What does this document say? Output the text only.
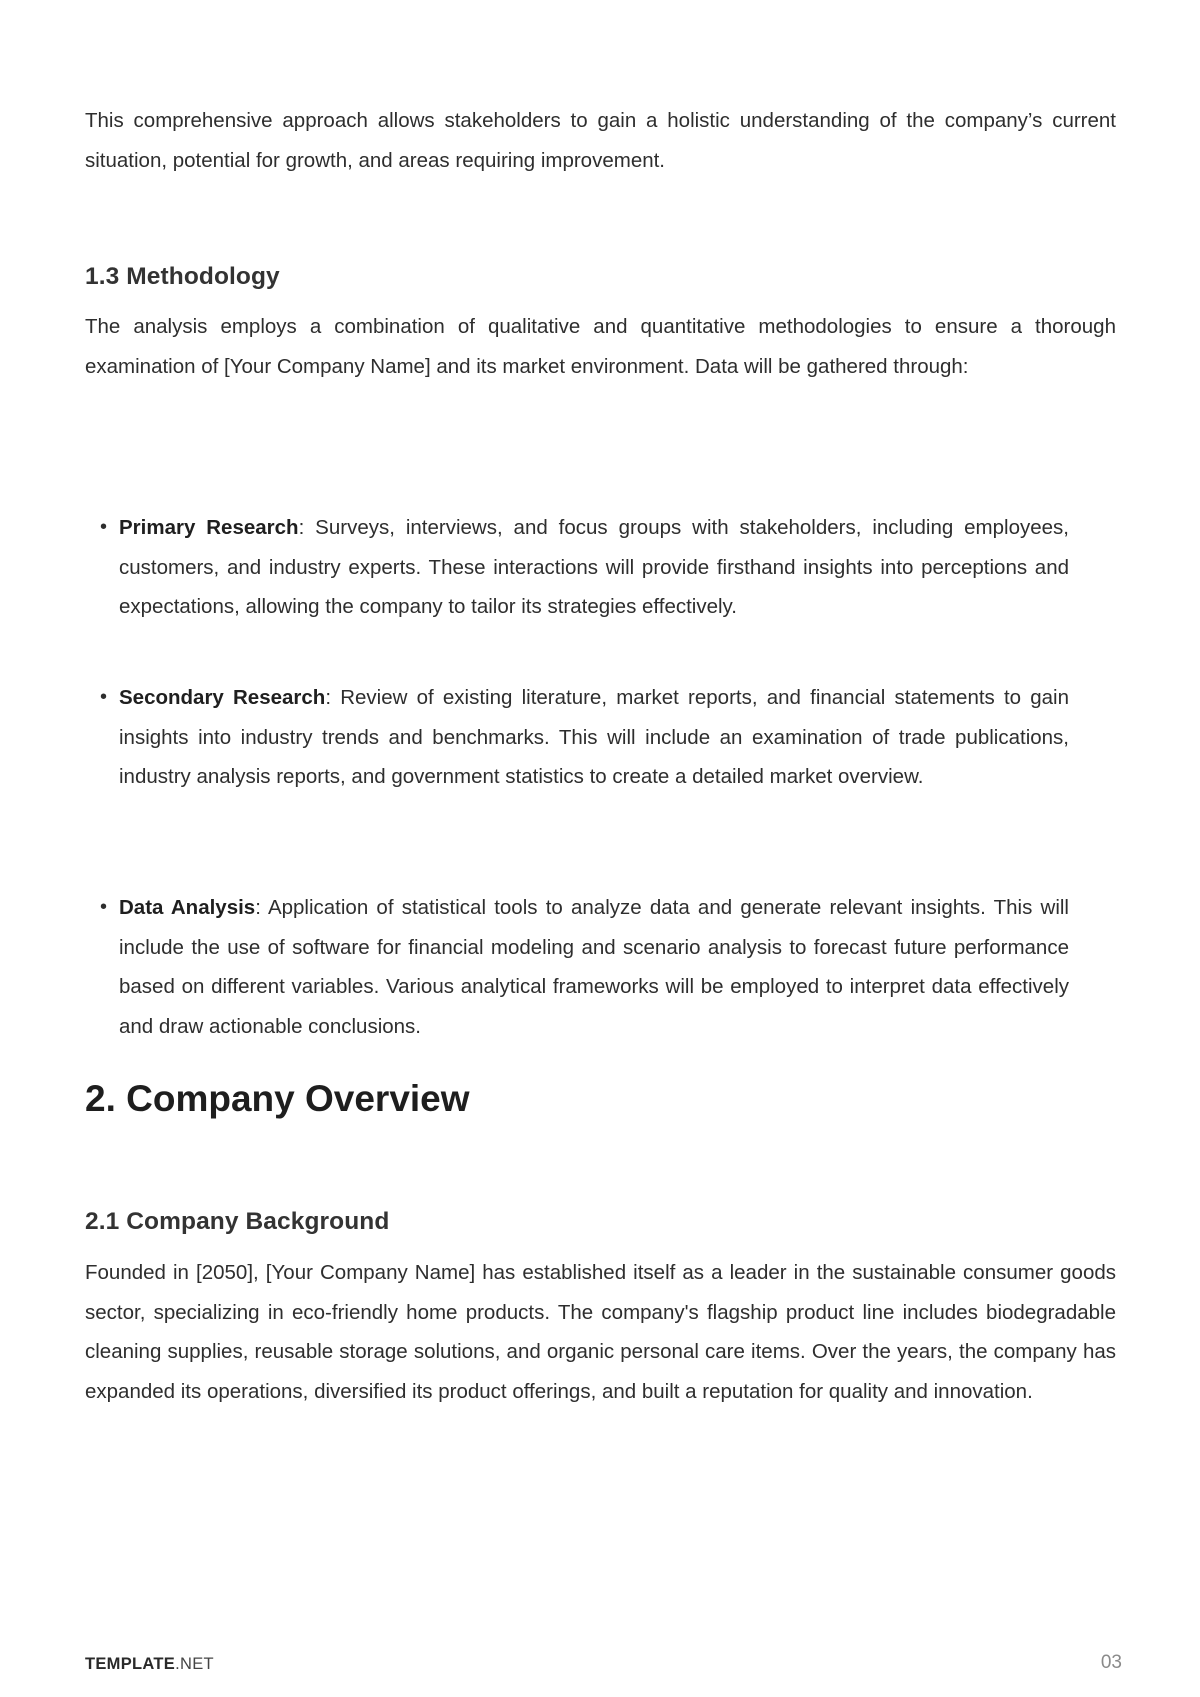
This comprehensive approach allows stakeholders to gain a holistic understanding of the company’s current situation, potential for growth, and areas requiring improvement.

1.3 Methodology

The analysis employs a combination of qualitative and quantitative methodologies to ensure a thorough examination of [Your Company Name] and its market environment. Data will be gathered through:

• Primary Research: Surveys, interviews, and focus groups with stakeholders, including employees, customers, and industry experts. These interactions will provide firsthand insights into perceptions and expectations, allowing the company to tailor its strategies effectively.
• Secondary Research: Review of existing literature, market reports, and financial statements to gain insights into industry trends and benchmarks. This will include an examination of trade publications, industry analysis reports, and government statistics to create a detailed market overview.
• Data Analysis: Application of statistical tools to analyze data and generate relevant insights. This will include the use of software for financial modeling and scenario analysis to forecast future performance based on different variables. Various analytical frameworks will be employed to interpret data effectively and draw actionable conclusions.
2. Company Overview
2.1 Company Background

Founded in [2050], [Your Company Name] has established itself as a leader in the sustainable consumer goods sector, specializing in eco-friendly home products. The company's flagship product line includes biodegradable cleaning supplies, reusable storage solutions, and organic personal care items. Over the years, the company has expanded its operations, diversified its product offerings, and built a reputation for quality and innovation.

TEMPLATE.NET	03
